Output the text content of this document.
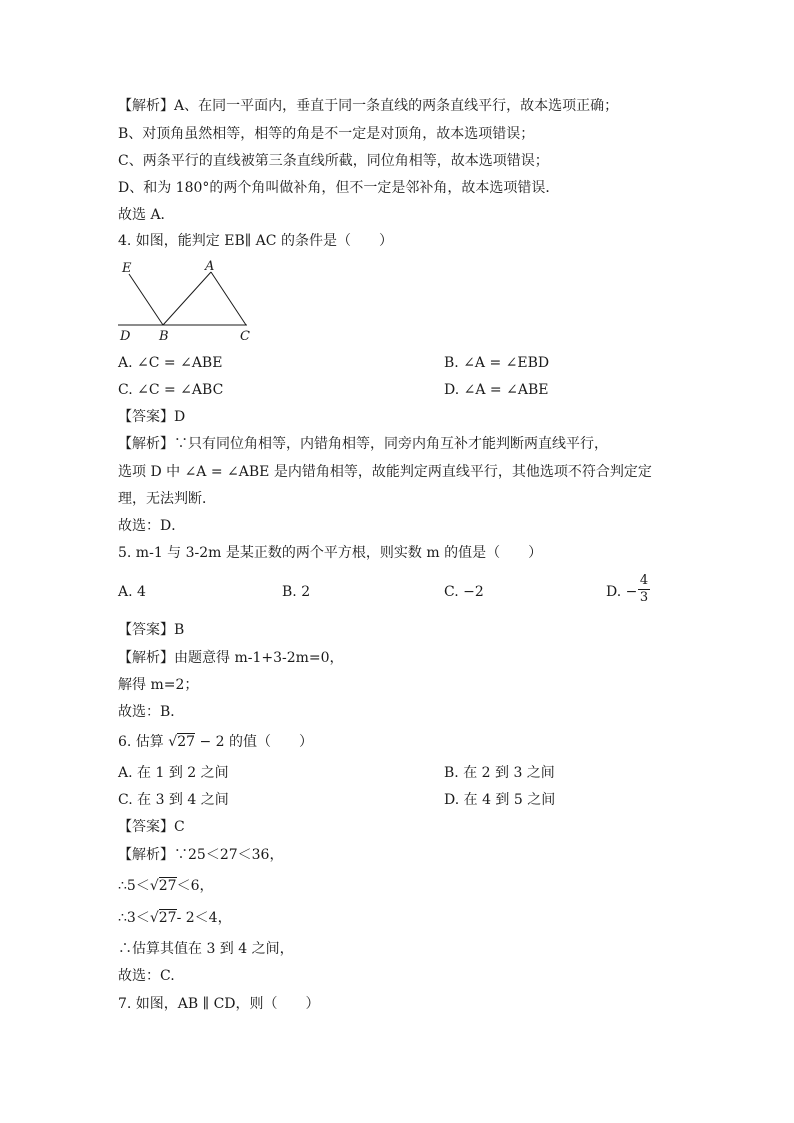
【解析】A、在同一平面内，垂直于同一条直线的两条直线平行，故本选项正确；
B、对顶角虽然相等，相等的角是不一定是对顶角，故本选项错误；
C、两条平行的直线被第三条直线所截，同位角相等，故本选项错误；
D、和为 180°的两个角叫做补角，但不一定是邻补角，故本选项错误．
故选 A．
4. 如图，能判定 EB∥ AC 的条件是（　　）
E	A
D B	C
A. ∠C = ∠ABE	B. ∠A = ∠EBD
C. ∠C = ∠ABC	D. ∠A = ∠ABE
【答案】D
【解析】∵只有同位角相等，内错角相等，同旁内角互补才能判断两直线平行，
选项 D 中 ∠A = ∠ABE 是内错角相等，故能判定两直线平行，其他选项不符合判定定
理，无法判断．
故选：D．
5. m-1 与 3-2m 是某正数的两个平方根，则实数 m 的值是（　　）
A. 4	B. 2	C. −2	D. −
4
3
【答案】B
【解析】由题意得 m-1+3-2m=0，
解得 m=2；
故选：B．
6. 估算 √27 − 2 的值（　　）
A. 在 1 到 2 之间	B. 在 2 到 3 之间
C. 在 3 到 4 之间	D. 在 4 到 5 之间
【答案】C
【解析】∵25＜27＜36，
∴5＜√27＜6，
∴3＜√27- 2＜4，
∴估算其值在 3 到 4 之间，
故选：C.
7. 如图，AB ∥ CD，则（　　）
